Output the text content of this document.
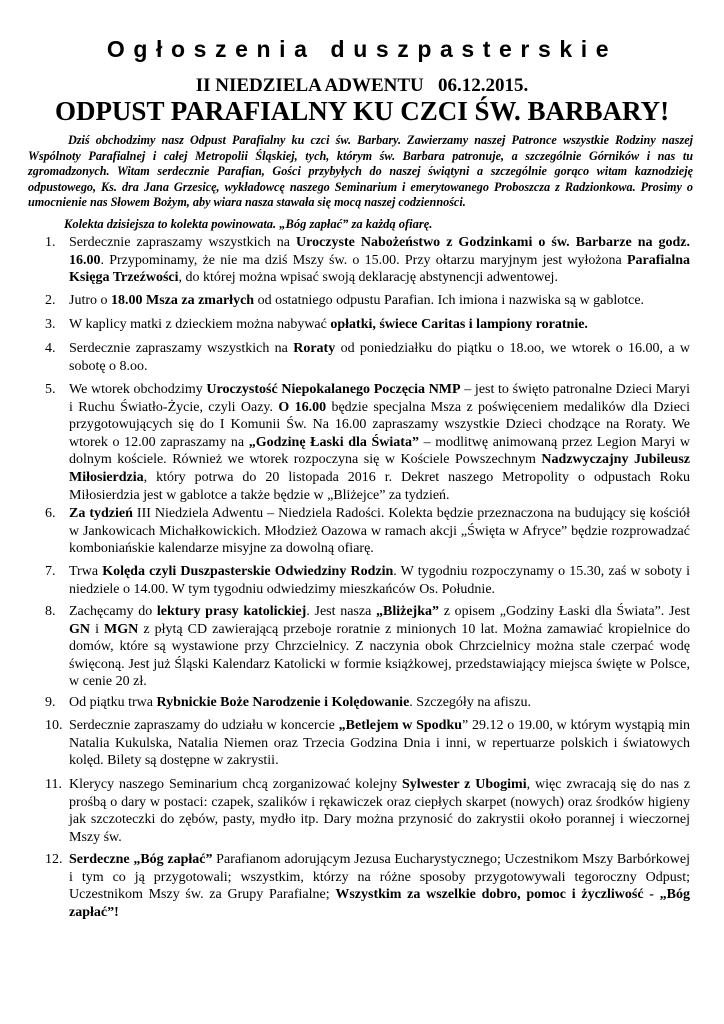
Ogłoszenia duszpasterskie
II NIEDZIELA ADWENTU   06.12.2015.
ODPUST PARAFIALNY KU CZCI ŚW. BARBARY!
Dziś obchodzimy nasz Odpust Parafialny ku czci św. Barbary. Zawierzamy naszej Patronce wszystkie Rodziny naszej Wspólnoty Parafialnej i całej Metropolii Śląskiej, tych, którym św. Barbara patronuje, a szczególnie Górników i nas tu zgromadzonych. Witam serdecznie Parafian, Gości przybyłych do naszej świątyni a szczególnie gorąco witam kaznodzieję odpustowego, Ks. dra Jana Grzesicę, wykładowcę naszego Seminarium i emerytowanego Proboszcza z Radzionkowa. Prosimy o umocnienie nas Słowem Bożym, aby wiara nasza stawała się mocą naszej codzienności.
Kolekta dzisiejsza to kolekta powinowata. „Bóg zapłać” za każdą ofiarę.
1. Serdecznie zapraszamy wszystkich na Uroczyste Nabożeństwo z Godzinkami o św. Barbarze na godz. 16.00. Przypominamy, że nie ma dziś Mszy św. o 15.00. Przy ołtarzu maryjnym jest wyłożona Parafialna Księga Trzeźwości, do której można wpisać swoją deklarację abstynencji adwentowej.
2. Jutro o 18.00 Msza za zmarłych od ostatniego odpustu Parafian. Ich imiona i nazwiska są w gablotce.
3. W kaplicy matki z dzieckiem można nabywać opłatki, świece Caritas i lampiony roratnie.
4. Serdecznie zapraszamy wszystkich na Roraty od poniedziałku do piątku o 18.oo, we wtorek o 16.00, a w sobotę o 8.oo.
5. We wtorek obchodzimy Uroczystość Niepokalanego Poczęcia NMP – jest to święto patronalne Dzieci Maryi i Ruchu Światło-Życie, czyli Oazy. O 16.00 będzie specjalna Msza z poświęceniem medalików dla Dzieci przygotowujących się do I Komunii Św. Na 16.00 zapraszamy wszystkie Dzieci chodzące na Roraty. We wtorek o 12.00 zapraszamy na „Godzinę Łaski dla Świata” – modlitwę animowaną przez Legion Maryi w dolnym kościele. Również we wtorek rozpoczyna się w Kościele Powszechnym Nadzwyczajny Jubileusz Miłosierdzia, który potrwa do 20 listopada 2016 r. Dekret naszego Metropolity o odpustach Roku Miłosierdzia jest w gablotce a także będzie w „Bliżejce” za tydzień.
6. Za tydzień III Niedziela Adwentu – Niedziela Radości. Kolekta będzie przeznaczona na budujący się kościół w Jankowicach Michałkowickich. Młodzież Oazowa w ramach akcji „Święta w Afryce” będzie rozprowadzać komboniańskie kalendarze misyjne za dowolną ofiarę.
7. Trwa Kolęda czyli Duszpasterskie Odwiedziny Rodzin. W tygodniu rozpoczynamy o 15.30, zaś w soboty i niedziele o 14.00. W tym tygodniu odwiedzimy mieszkańców Os. Południe.
8. Zachęcamy do lektury prasy katolickiej. Jest nasza „Bliżejka” z opisem „Godziny Łaski dla Świata”. Jest GN i MGN z płytą CD zawierającą przeboje roratnie z minionych 10 lat. Można zamawiać kropielnice do domów, które są wystawione przy Chrzcielnicy. Z naczynia obok Chrzcielnicy można stale czerpać wodę święconą. Jest już Śląski Kalendarz Katolicki w formie książkowej, przedstawiający miejsca święte w Polsce, w cenie 20 zł.
9. Od piątku trwa Rybnickie Boże Narodzenie i Kolędowanie. Szczegóły na afiszu.
10. Serdecznie zapraszamy do udziału w koncercie „Betlejem w Spodku” 29.12 o 19.00, w którym wystąpią min Natalia Kukulska, Natalia Niemen oraz Trzecia Godzina Dnia i inni, w repertuarze polskich i światowych kolęd. Bilety są dostępne w zakrystii.
11. Klerycy naszego Seminarium chcą zorganizować kolejny Sylwester z Ubogimi, więc zwracają się do nas z prośbą o dary w postaci: czapek, szalików i rękawiczek oraz ciepłych skarpet (nowych) oraz środków higieny jak szczoteczki do zębów, pasty, mydło itp. Dary można przynosić do zakrystii około porannej i wieczornej Mszy św.
12. Serdeczne „Bóg zapłać” Parafianom adorującym Jezusa Eucharystycznego; Uczestnikom Mszy Barbórkowej i tym co ją przygotowali; wszystkim, którzy na różne sposoby przygotowywali tegoroczny Odpust; Uczestnikom Mszy św. za Grupy Parafialne; Wszystkim za wszelkie dobro, pomoc i życzliwość - „Bóg zapłać”!
